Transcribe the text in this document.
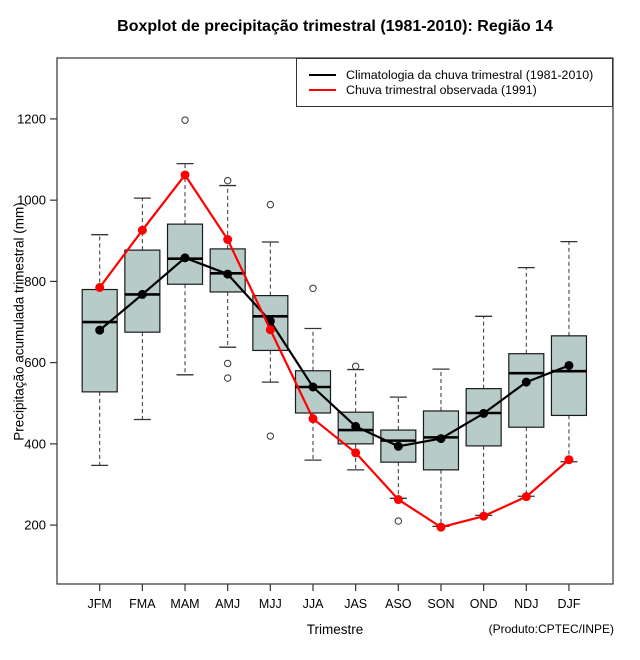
Boxplot de precipitação trimestral (1981-2010): Região 14
200
400
600
800
1000
1200
JFM FMA MAM AMJ MJJ JJA JAS ASO SON OND NDJ DJF
Climatologia da chuva trimestral (1981-2010)
Chuva trimestral observada (1991)
Precipitação acumulada trimestral (mm)
Trimestre	(Produto:CPTEC/INPE)
